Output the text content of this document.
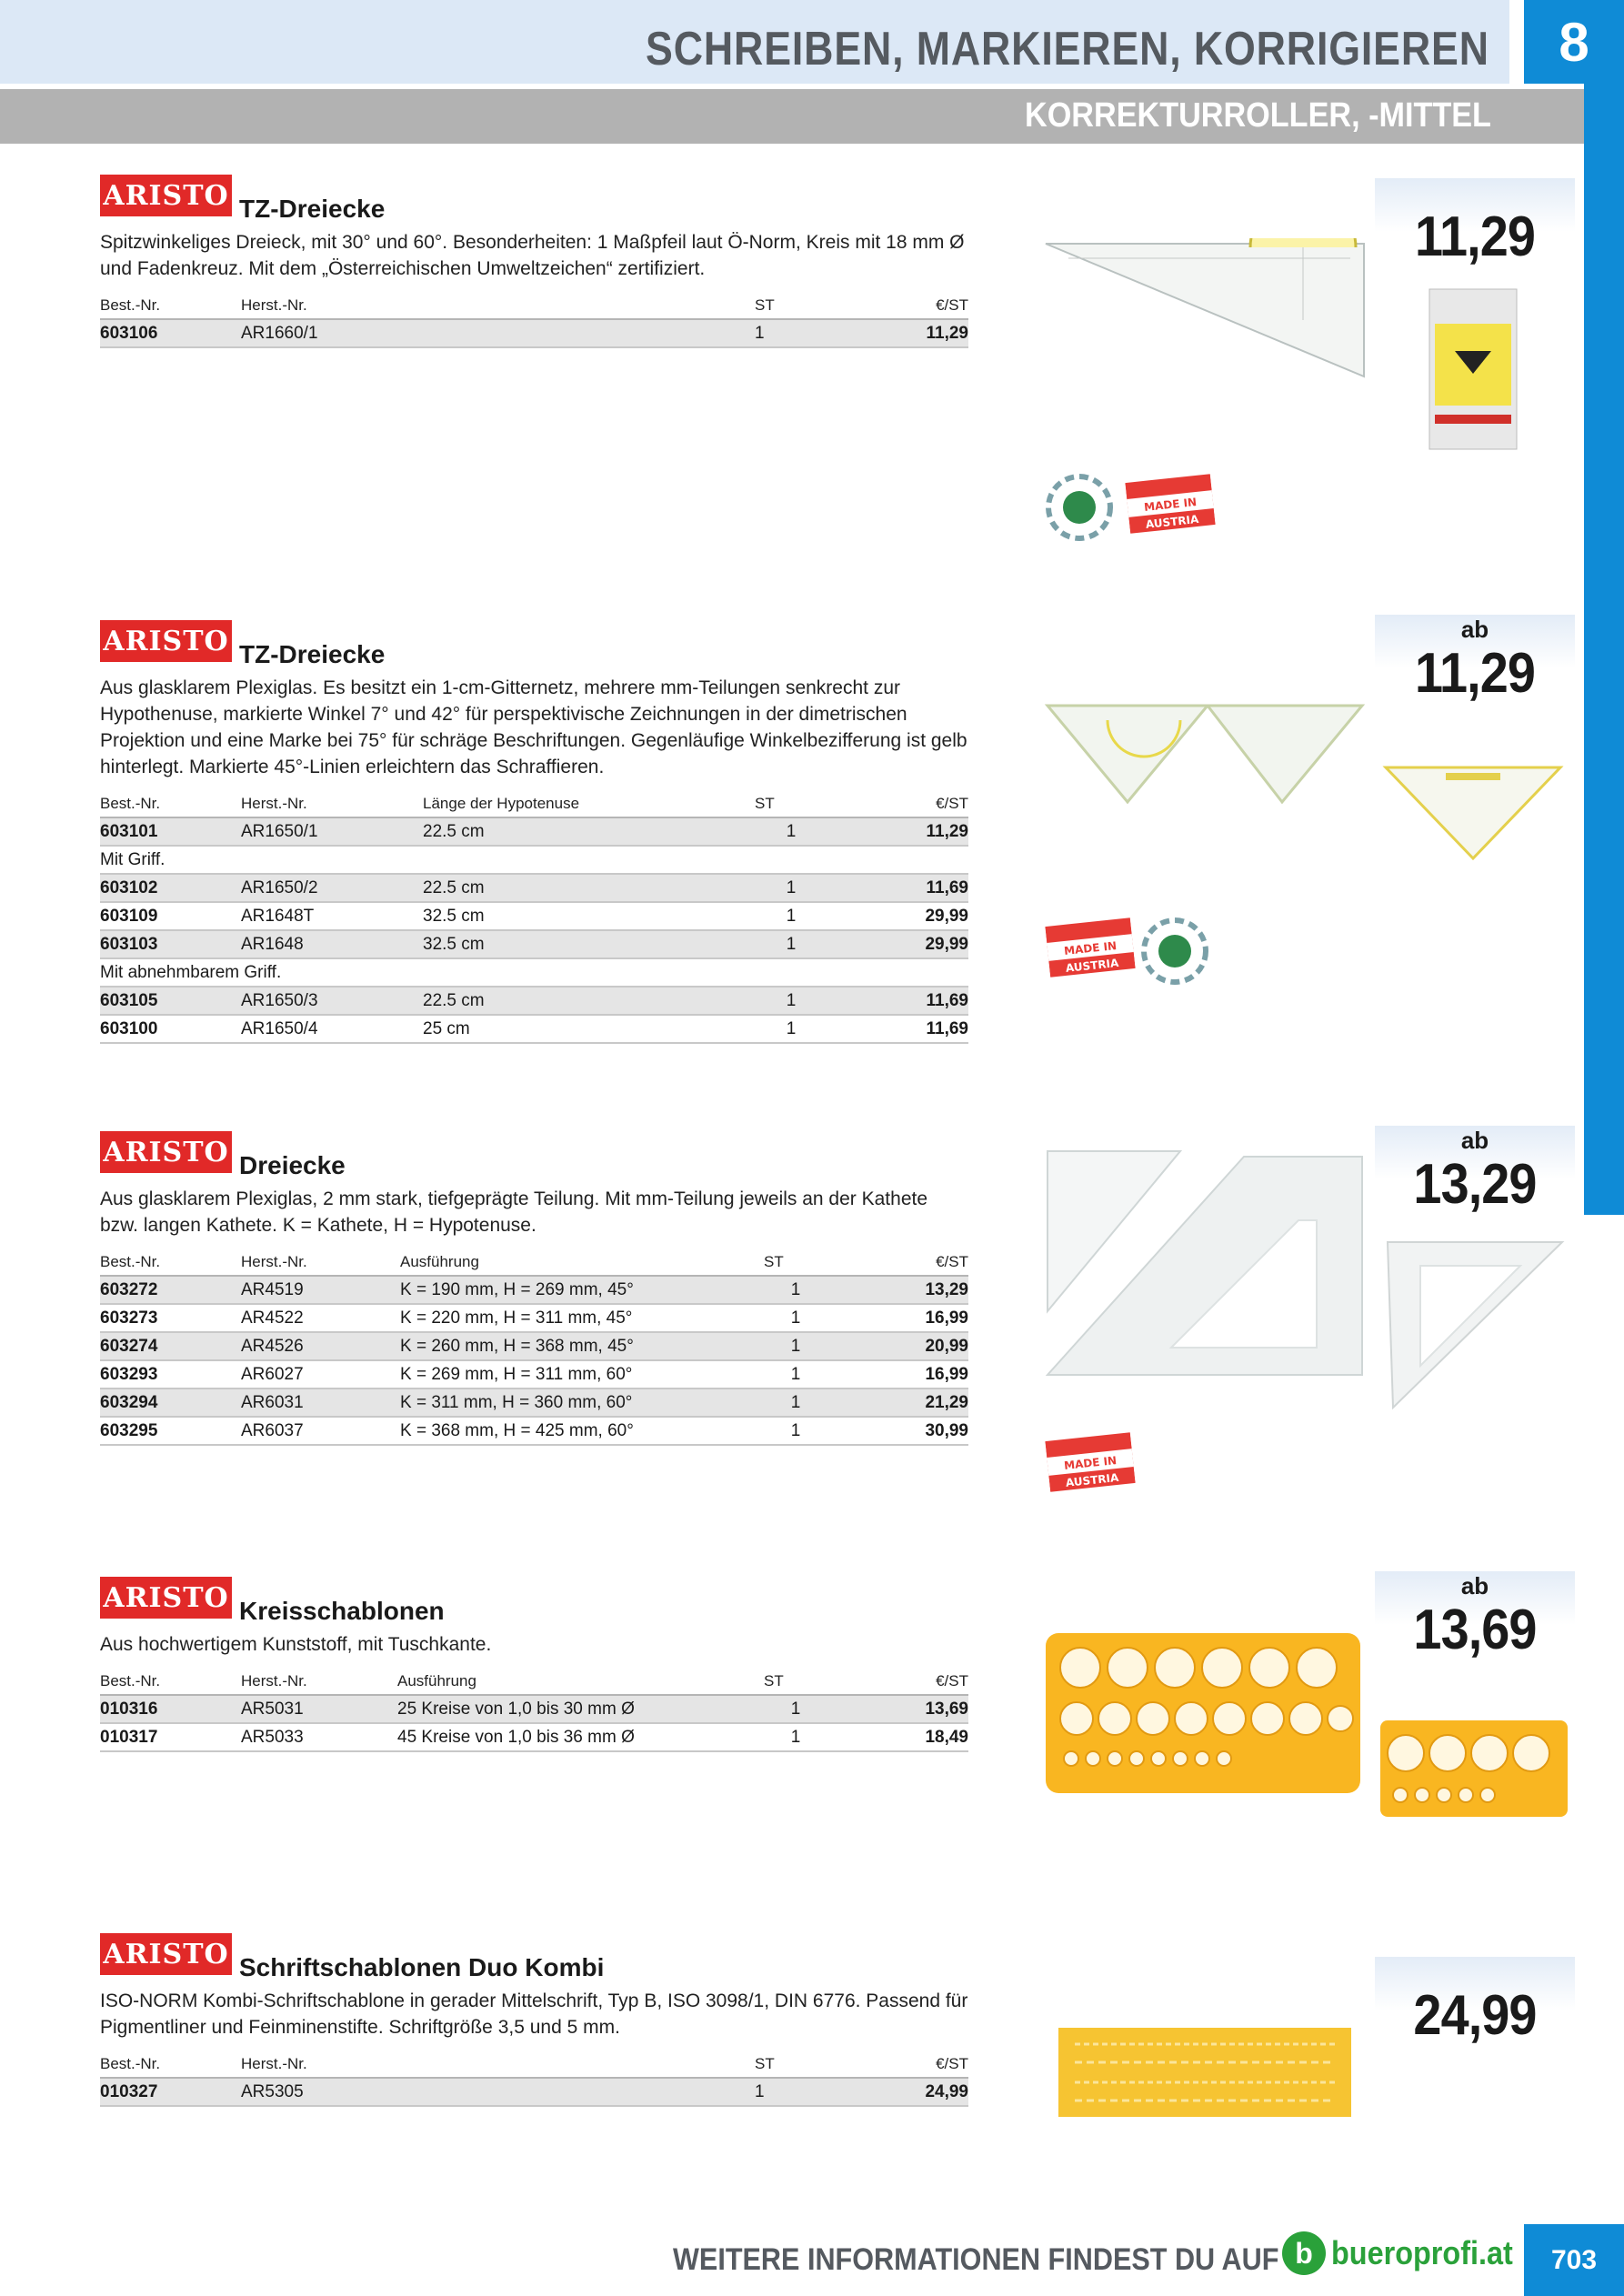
SCHREIBEN, MARKIEREN, KORRIGIEREN	8
KORREKTURROLLER, -MITTEL
ARISTO TZ-Dreiecke
Spitzwinkeliges Dreieck, mit 30° und 60°. Besonderheiten: 1 Maßpfeil laut Ö-Norm, Kreis mit 18 mm Ø und Fadenkreuz. Mit dem „Österreichischen Umweltzeichen“ zertifiziert.
Best.-Nr.	Herst.-Nr.	ST	€/ST
603106	AR1660/1	1	11,29
ARISTO TZ-Dreiecke
Aus glasklarem Plexiglas. Es besitzt ein 1-cm-Gitternetz, mehrere mm-Teilungen senkrecht zur Hypothenuse, markierte Winkel 7° und 42° für perspektivische Zeichnungen in der dimetrischen Projektion und eine Marke bei 75° für schräge Beschriftungen. Gegenläufige Winkelbezifferung ist gelb hinterlegt. Markierte 45°-Linien erleichtern das Schraffieren.
Best.-Nr.	Herst.-Nr.	Länge der Hypotenuse	ST	€/ST
603101	AR1650/1	22.5 cm	1	11,29
Mit Griff.				
603102	AR1650/2	22.5 cm	1	11,69
603109	AR1648T	32.5 cm	1	29,99
603103	AR1648	32.5 cm	1	29,99
Mit abnehmbarem Griff.				
603105	AR1650/3	22.5 cm	1	11,69
603100	AR1650/4	25 cm	1	11,69
ARISTO Dreiecke
Aus glasklarem Plexiglas, 2 mm stark, tiefgeprägte Teilung. Mit mm-Teilung jeweils an der Kathete bzw. langen Kathete. K = Kathete, H = Hypotenuse.
Best.-Nr.	Herst.-Nr.	Ausführung	ST	€/ST
603272	AR4519	K = 190 mm, H = 269 mm, 45°	1	13,29
603273	AR4522	K = 220 mm, H = 311 mm, 45°	1	16,99
603274	AR4526	K = 260 mm, H = 368 mm, 45°	1	20,99
603293	AR6027	K = 269 mm, H = 311 mm, 60°	1	16,99
603294	AR6031	K = 311 mm, H = 360 mm, 60°	1	21,29
603295	AR6037	K = 368 mm, H = 425 mm, 60°	1	30,99
ARISTO Kreisschablonen
Aus hochwertigem Kunststoff, mit Tuschkante.
Best.-Nr.	Herst.-Nr.	Ausführung	ST	€/ST
010316	AR5031	25 Kreise von 1,0 bis 30 mm Ø	1	13,69
010317	AR5033	45 Kreise von 1,0 bis 36 mm Ø	1	18,49
ARISTO Schriftschablonen Duo Kombi
ISO-NORM Kombi-Schriftschablone in gerader Mittelschrift, Typ B, ISO 3098/1, DIN 6776. Passend für Pigmentliner und Feinminenstifte. Schriftgröße 3,5 und 5 mm.
Best.-Nr.	Herst.-Nr.	ST	€/ST
010327	AR5305	1	24,99
11,29
ab
11,29
ab
13,29
ab
13,69
24,99
MADE IN
AUSTRIA
MADE IN
AUSTRIA
MADE IN
AUSTRIA
WEITERE INFORMATIONEN FINDEST DU AUF b bueroprofi.at	703
